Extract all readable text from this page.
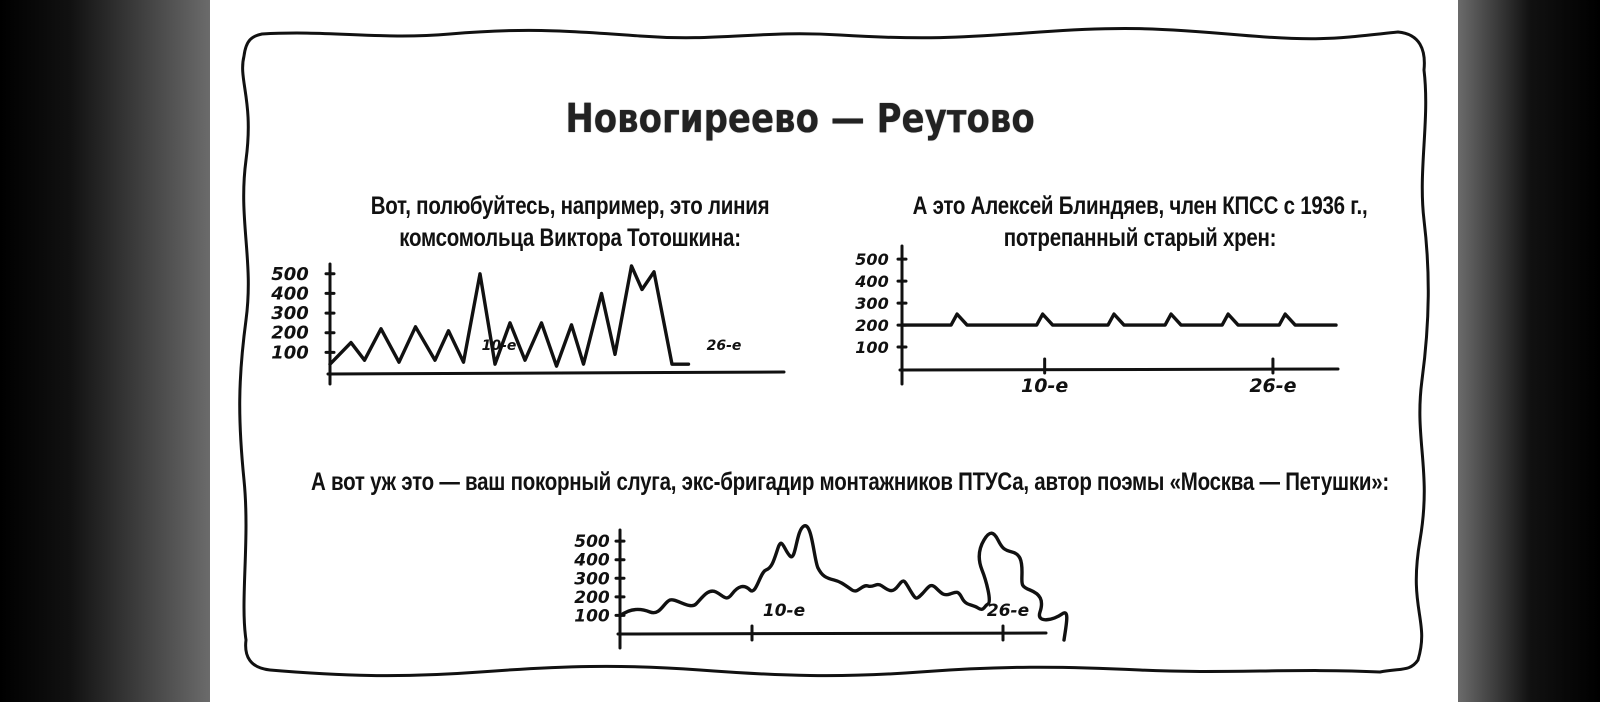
500
400
300
200
100	10-е	26-е
500
400
300
200
100
10-е	26-е
500
400
300
200
100	10-е	26-е
Новогиреево — Реутово
Вот, полюбуйтесь, например, это линия
комсомольца Виктора Тотошкина:
А это Алексей Блиндяев, член КПСС с 1936 г.,
потрепанный старый хрен:
А вот уж это — ваш покорный слуга, экс-бригадир монтажников ПТУСа, автор поэмы «Москва — Петушки»:
